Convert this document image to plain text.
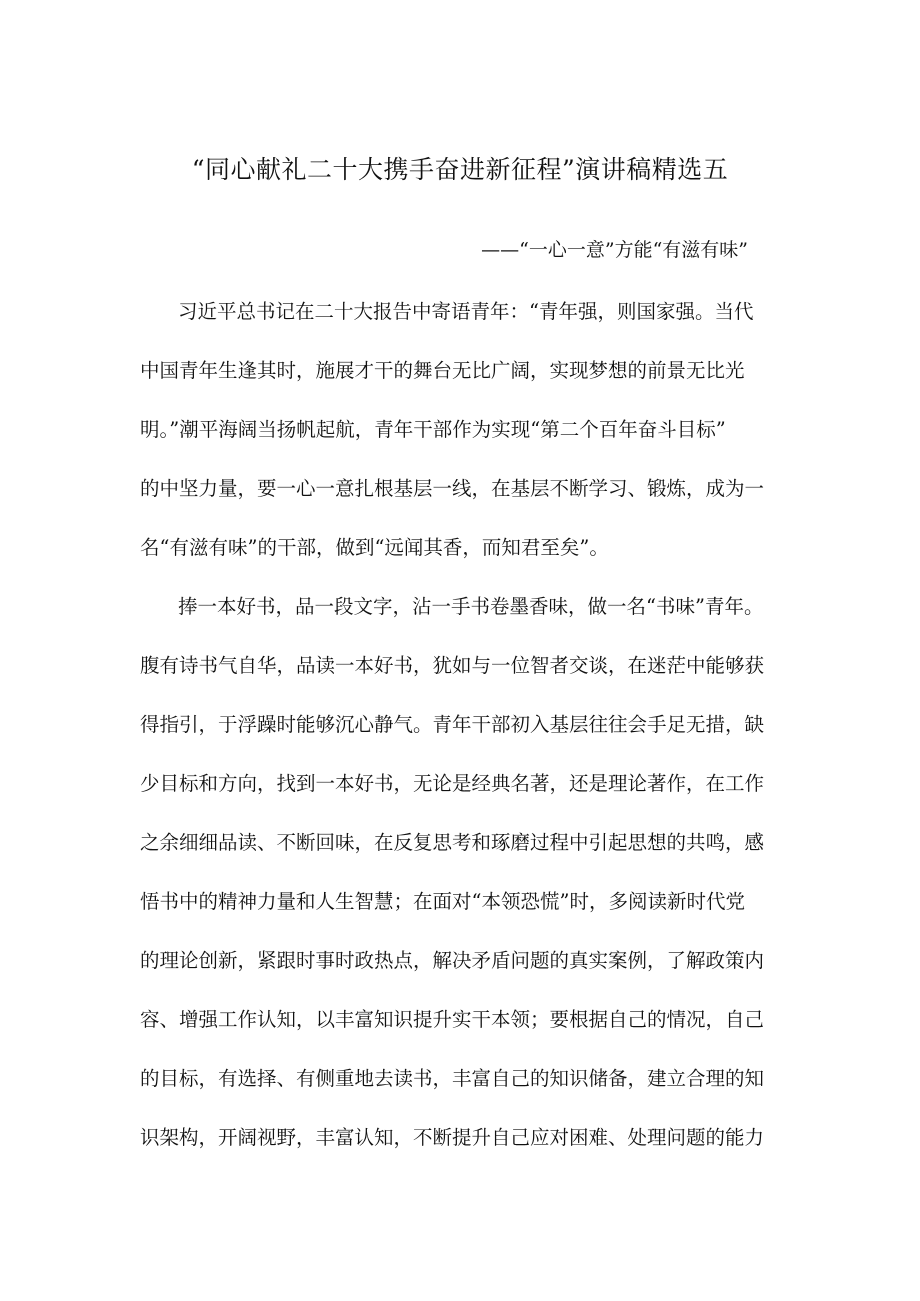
“同心献礼二十大携手奋进新征程”演讲稿精选五
——“一心一意”方能“有滋有味”
习近平总书记在二十大报告中寄语青年：“青年强，则国家强。当代
中国青年生逢其时，施展才干的舞台无比广阔，实现梦想的前景无比光
明。”潮平海阔当扬帆起航，青年干部作为实现“第二个百年奋斗目标”
的中坚力量，要一心一意扎根基层一线，在基层不断学习、锻炼，成为一
名“有滋有味”的干部，做到“远闻其香，而知君至矣”。
捧一本好书，品一段文字，沾一手书卷墨香味，做一名“书味”青年。
腹有诗书气自华，品读一本好书，犹如与一位智者交谈，在迷茫中能够获
得指引，于浮躁时能够沉心静气。青年干部初入基层往往会手足无措，缺
少目标和方向，找到一本好书，无论是经典名著，还是理论著作，在工作
之余细细品读、不断回味，在反复思考和琢磨过程中引起思想的共鸣，感
悟书中的精神力量和人生智慧；在面对“本领恐慌”时，多阅读新时代党
的理论创新，紧跟时事时政热点，解决矛盾问题的真实案例，了解政策内
容、增强工作认知，以丰富知识提升实干本领；要根据自己的情况，自己
的目标，有选择、有侧重地去读书，丰富自己的知识储备，建立合理的知
识架构，开阔视野，丰富认知，不断提升自己应对困难、处理问题的能力
